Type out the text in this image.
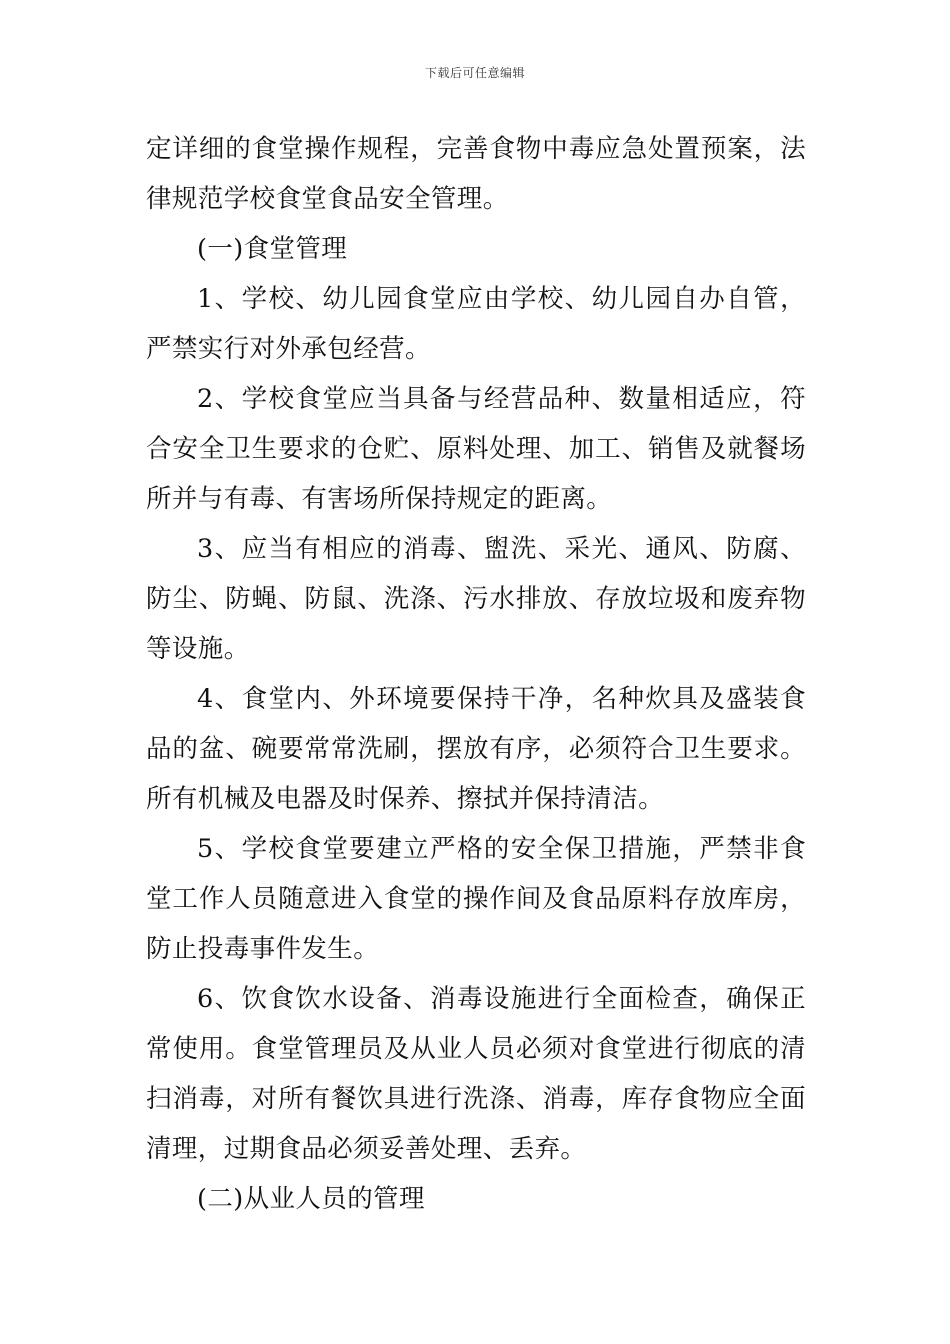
下载后可任意编辑

定详细的食堂操作规程，完善食物中毒应急处置预案，法律规范学校食堂食品安全管理。

(一)食堂管理

1、学校、幼儿园食堂应由学校、幼儿园自办自管，严禁实行对外承包经营。

2、学校食堂应当具备与经营品种、数量相适应，符合安全卫生要求的仓贮、原料处理、加工、销售及就餐场所并与有毒、有害场所保持规定的距离。

3、应当有相应的消毒、盥洗、采光、通风、防腐、防尘、防蝇、防鼠、洗涤、污水排放、存放垃圾和废弃物等设施。

4、食堂内、外环境要保持干净，名种炊具及盛装食品的盆、碗要常常洗刷，摆放有序，必须符合卫生要求。所有机械及电器及时保养、擦拭并保持清洁。

5、学校食堂要建立严格的安全保卫措施，严禁非食堂工作人员随意进入食堂的操作间及食品原料存放库房，防止投毒事件发生。

6、饮食饮水设备、消毒设施进行全面检查，确保正常使用。食堂管理员及从业人员必须对食堂进行彻底的清扫消毒，对所有餐饮具进行洗涤、消毒，库存食物应全面清理，过期食品必须妥善处理、丢弃。

(二)从业人员的管理
